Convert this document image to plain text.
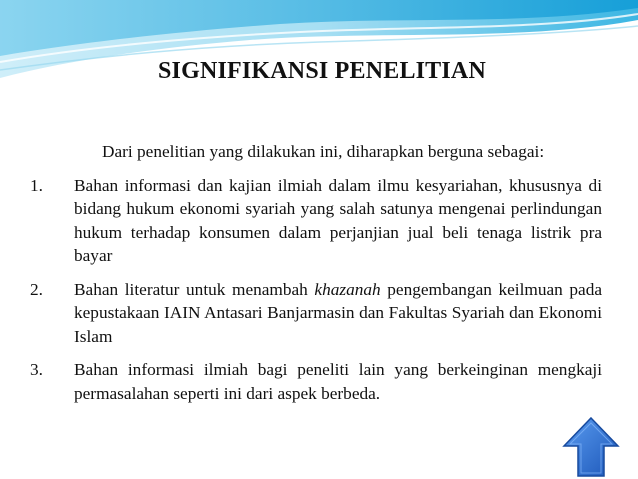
SIGNIFIKANSI PENELITIAN

Dari penelitian yang dilakukan ini, diharapkan berguna sebagai:

1. Bahan informasi dan kajian ilmiah dalam ilmu kesyariahan, khususnya di bidang hukum ekonomi syariah yang salah satunya mengenai perlindungan hukum terhadap konsumen dalam perjanjian jual beli tenaga listrik pra bayar
2. Bahan literatur untuk menambah khazanah pengembangan keilmuan pada kepustakaan IAIN Antasari Banjarmasin dan Fakultas Syariah dan Ekonomi Islam
3. Bahan informasi ilmiah bagi peneliti lain yang berkeinginan mengkaji permasalahan seperti ini dari aspek berbeda.
